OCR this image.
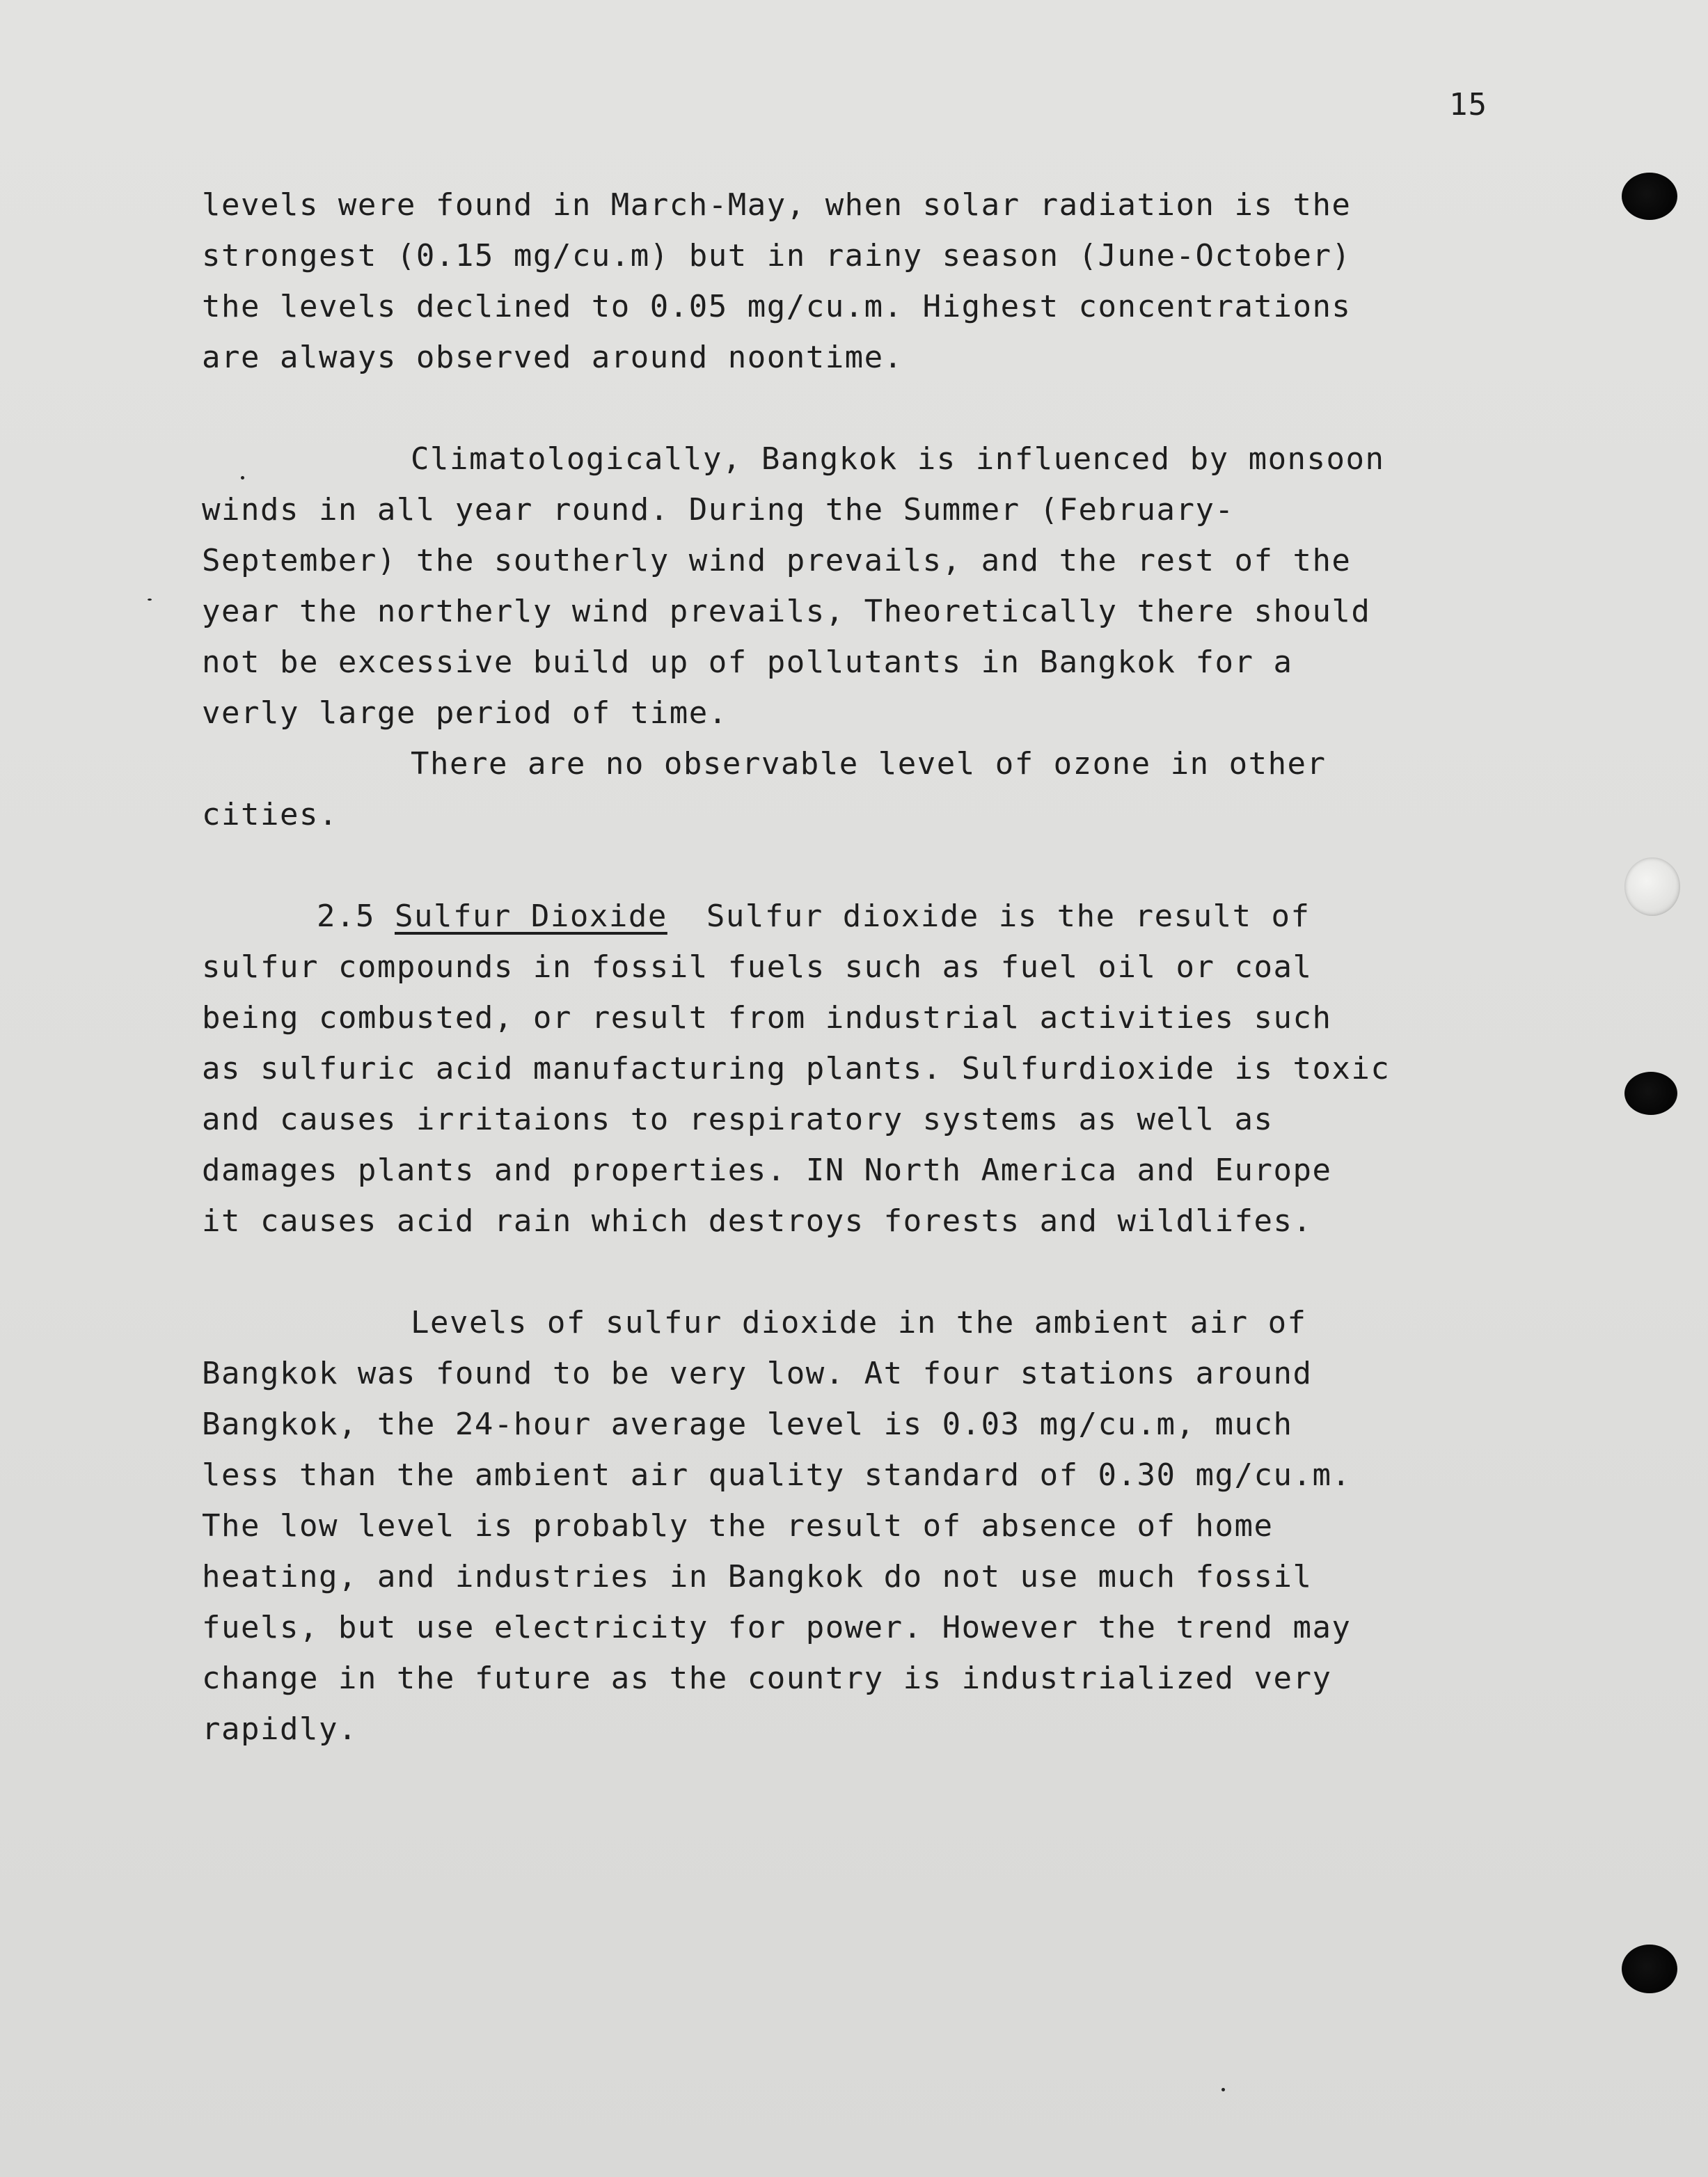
15
levels were found in March-May, when solar radiation is the
strongest (0.15 mg/cu.m) but in rainy season (June-October)
the levels declined to 0.05 mg/cu.m. Highest concentrations
are always observed around noontime.
Climatologically, Bangkok is influenced by monsoon
winds in all year round. During the Summer (February-
September) the southerly wind prevails, and the rest of the
year the northerly wind prevails, Theoretically there should
not be excessive build up of pollutants in Bangkok for a
verly large period of time.
There are no observable level of ozone in other
cities.
2.5 Sulfur Dioxide Sulfur dioxide is the result of
sulfur compounds in fossil fuels such as fuel oil or coal
being combusted, or result from industrial activities such
as sulfuric acid manufacturing plants. Sulfurdioxide is toxic
and causes irritaions to respiratory systems as well as
damages plants and properties. IN North America and Europe
it causes acid rain which destroys forests and wildlifes.
Levels of sulfur dioxide in the ambient air of
Bangkok was found to be very low. At four stations around
Bangkok, the 24-hour average level is 0.03 mg/cu.m, much
less than the ambient air quality standard of 0.30 mg/cu.m.
The low level is probably the result of absence of home
heating, and industries in Bangkok do not use much fossil
fuels, but use electricity for power. However the trend may
change in the future as the country is industrialized very
rapidly.
